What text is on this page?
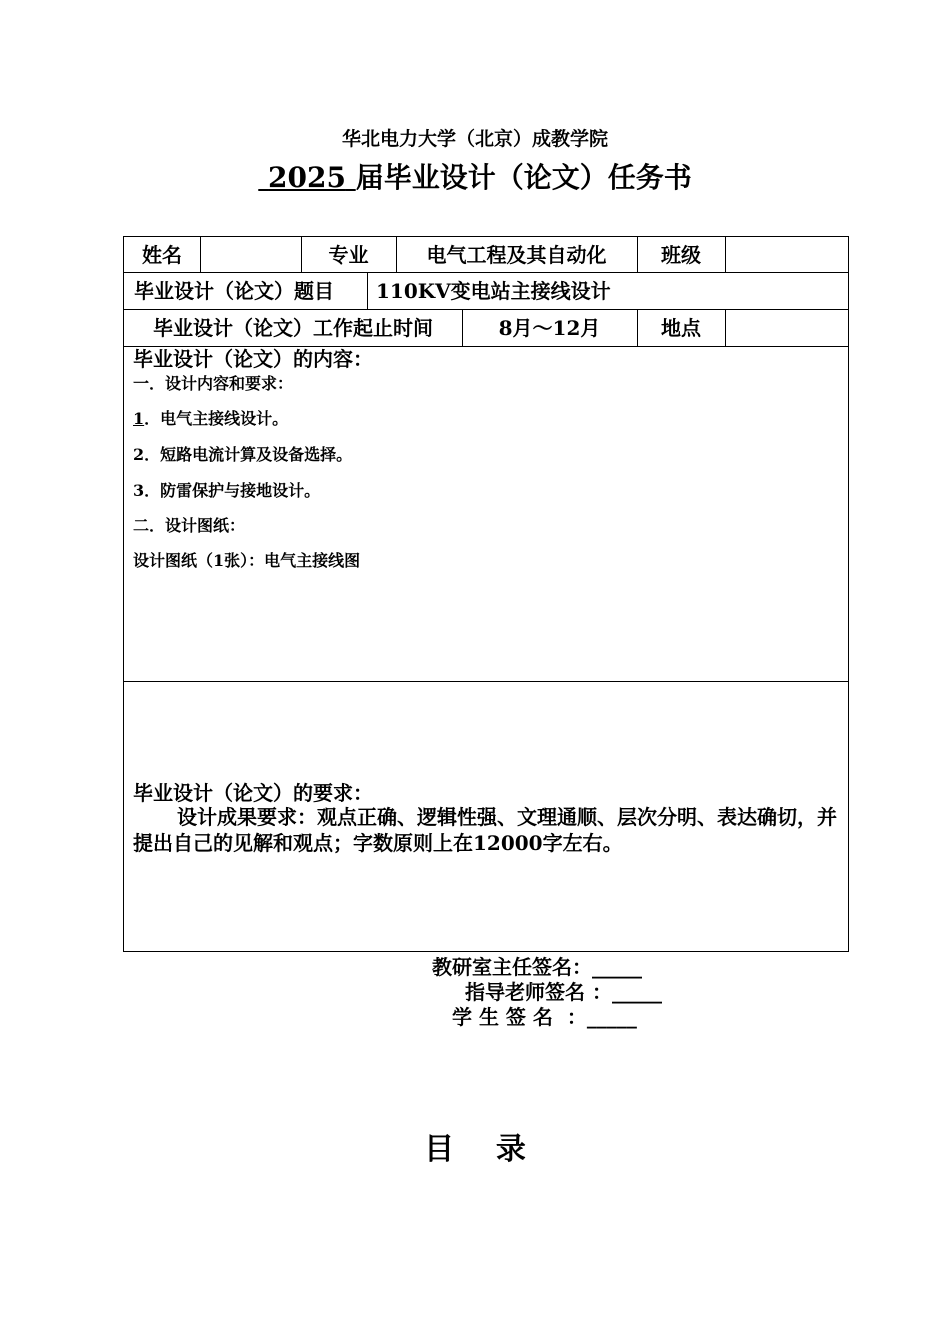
华北电力大学（北京）成教学院
2025 届毕业设计（论文）任务书
姓名	专业	电气工程及其自动化	班级
毕业设计（论文）题目 110KV变电站主接线设计
毕业设计（论文）工作起止时间	8月～12月	地点
毕业设计（论文）的内容：
一．设计内容和要求：
1．电气主接线设计。
2．短路电流计算及设备选择。
3．防雷保护与接地设计。
二．设计图纸：
设计图纸（1张）：电气主接线图
毕业设计（论文）的要求：
设计成果要求：观点正确、逻辑性强、文理通顺、层次分明、表达确切，并提出自己的见解和观点；字数原则上在12000字左右。
教研室主任签名：_____
指导老师签名 ：_____
学 生 签 名  ：_____
目    录
